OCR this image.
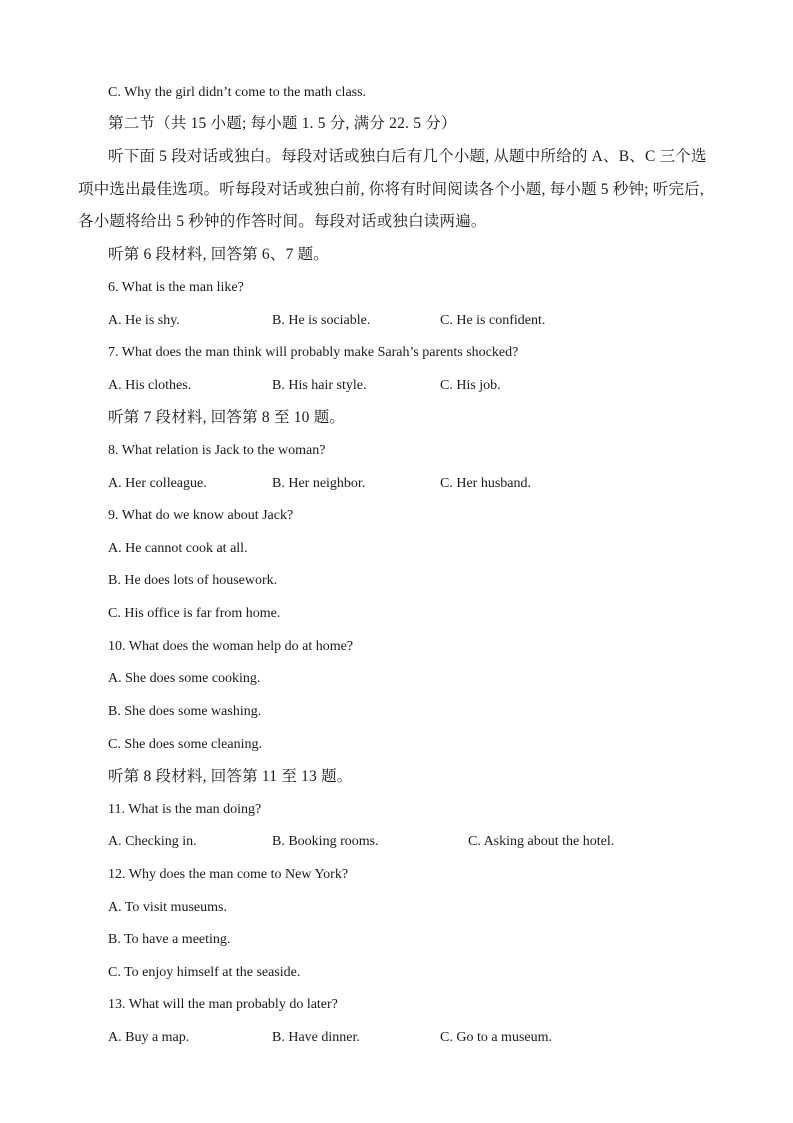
C. Why the girl didn’t come to the math class.
第二节（共 15 小题; 每小题 1. 5 分, 满分 22. 5 分）
听下面 5 段对话或独白。每段对话或独白后有几个小题, 从题中所给的 A、B、C 三个选
项中选出最佳选项。听每段对话或独白前, 你将有时间阅读各个小题, 每小题 5 秒钟; 听完后,
各小题将给出 5 秒钟的作答时间。每段对话或独白读两遍。
听第 6 段材料, 回答第 6、7 题。
6. What is the man like?
A. He is shy.	B. He is sociable.	C. He is confident.
7. What does the man think will probably make Sarah’s parents shocked?
A. His clothes.	B. His hair style.	C. His job.
听第 7 段材料, 回答第 8 至 10 题。
8. What relation is Jack to the woman?
A. Her colleague.	B. Her neighbor.	C. Her husband.
9. What do we know about Jack?
A. He cannot cook at all.
B. He does lots of housework.
C. His office is far from home.
10. What does the woman help do at home?
A. She does some cooking.
B. She does some washing.
C. She does some cleaning.
听第 8 段材料, 回答第 11 至 13 题。
11. What is the man doing?
A. Checking in.	B. Booking rooms.	C. Asking about the hotel.
12. Why does the man come to New York?
A. To visit museums.
B. To have a meeting.
C. To enjoy himself at the seaside.
13. What will the man probably do later?
A. Buy a map.	B. Have dinner.	C. Go to a museum.
